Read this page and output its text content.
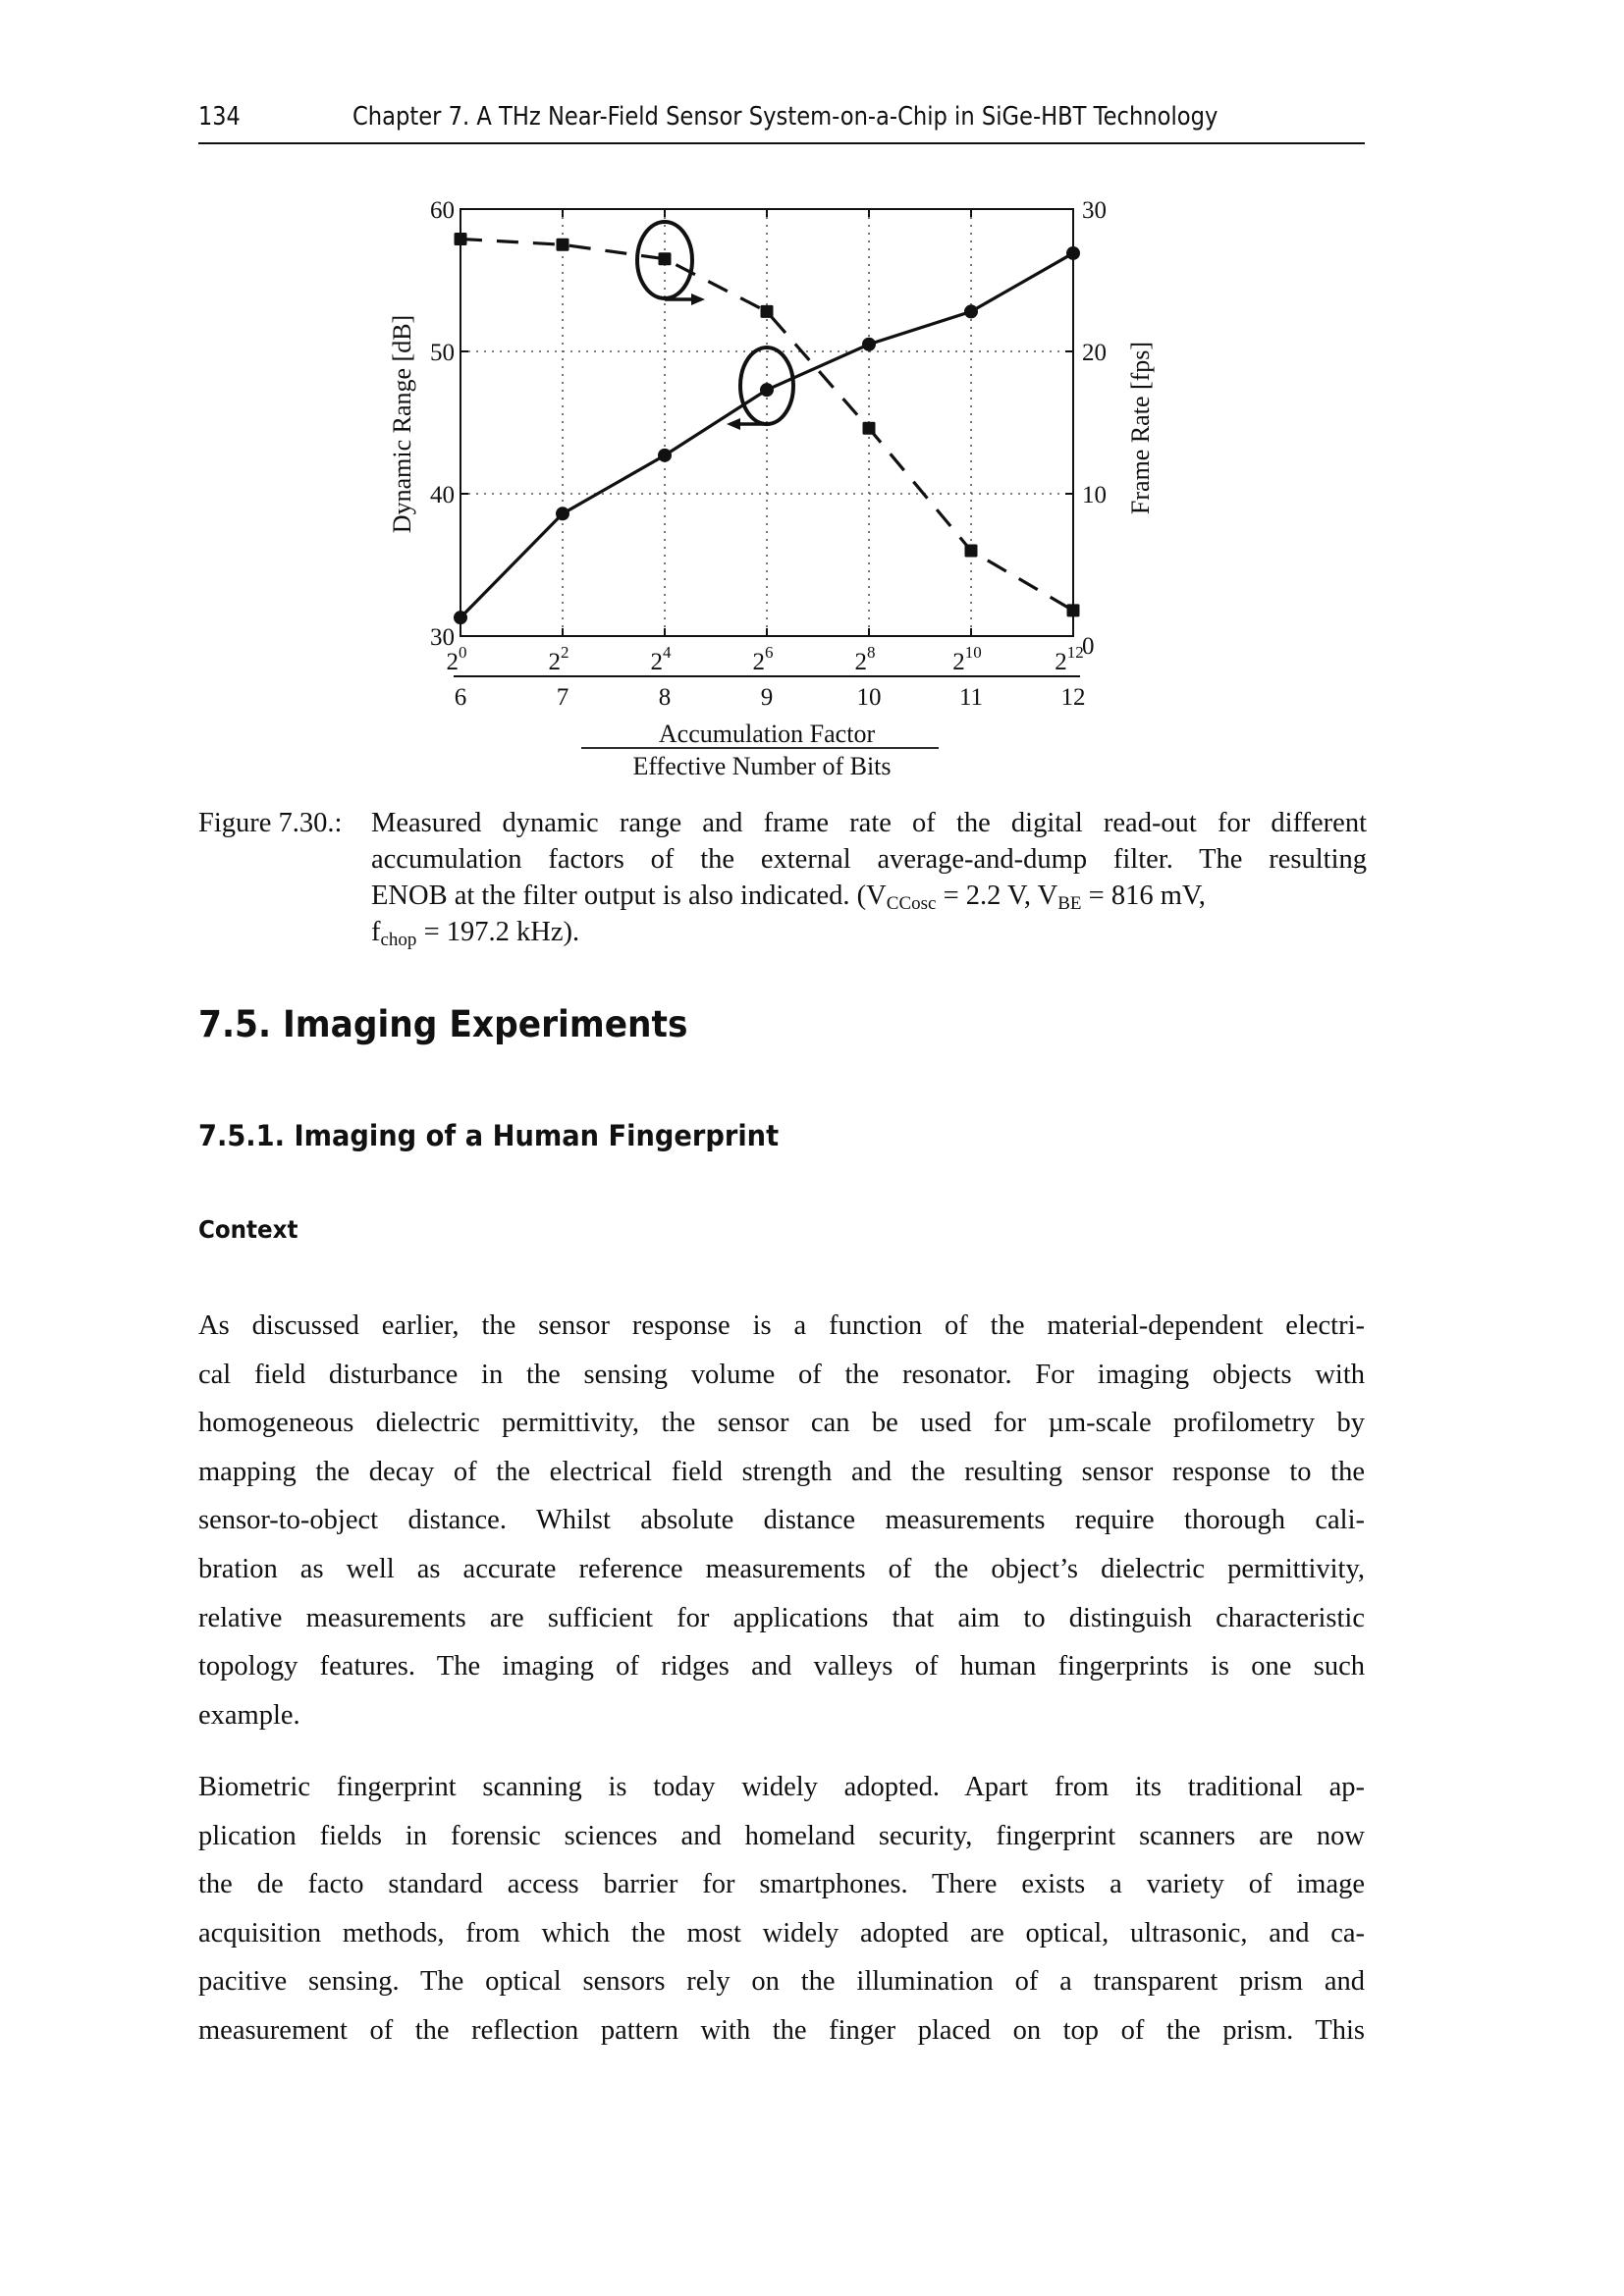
134	Chapter 7. A THz Near-Field Sensor System-on-a-Chip in SiGe-HBT Technology
30
40
50
60
0
10
20
30
$2^0$
6
$2^2$
7
$2^4$
8
$2^6$
9
$2^8$
10
$2^{10}$
11
$2^{12}$
12
Accumulation Factor
Effective Number of Bits
Dynamic Range [dB]	Frame Rate [fps]
Figure 7.30.: Measured dynamic range and frame rate of the digital read-out for different
accumulation factors of the external average-and-dump filter. The resulting
ENOB at the filter output is also indicated. ($V_{CCosc} = 2.2$ V, $V_{BE} = 816$ mV,
$f_{chop} = 197.2$ kHz).
7.5. Imaging Experiments
7.5.1. Imaging of a Human Fingerprint
Context
As discussed earlier, the sensor response is a function of the material-dependent electri-
cal field disturbance in the sensing volume of the resonator. For imaging objects with
homogeneous dielectric permittivity, the sensor can be used for µm-scale profilometry by
mapping the decay of the electrical field strength and the resulting sensor response to the
sensor-to-object distance. Whilst absolute distance measurements require thorough cali-
bration as well as accurate reference measurements of the object’s dielectric permittivity,
relative measurements are sufficient for applications that aim to distinguish characteristic
topology features. The imaging of ridges and valleys of human fingerprints is one such
example.
Biometric fingerprint scanning is today widely adopted. Apart from its traditional ap-
plication fields in forensic sciences and homeland security, fingerprint scanners are now
the de facto standard access barrier for smartphones. There exists a variety of image
acquisition methods, from which the most widely adopted are optical, ultrasonic, and ca-
pacitive sensing. The optical sensors rely on the illumination of a transparent prism and
measurement of the reflection pattern with the finger placed on top of the prism. This
